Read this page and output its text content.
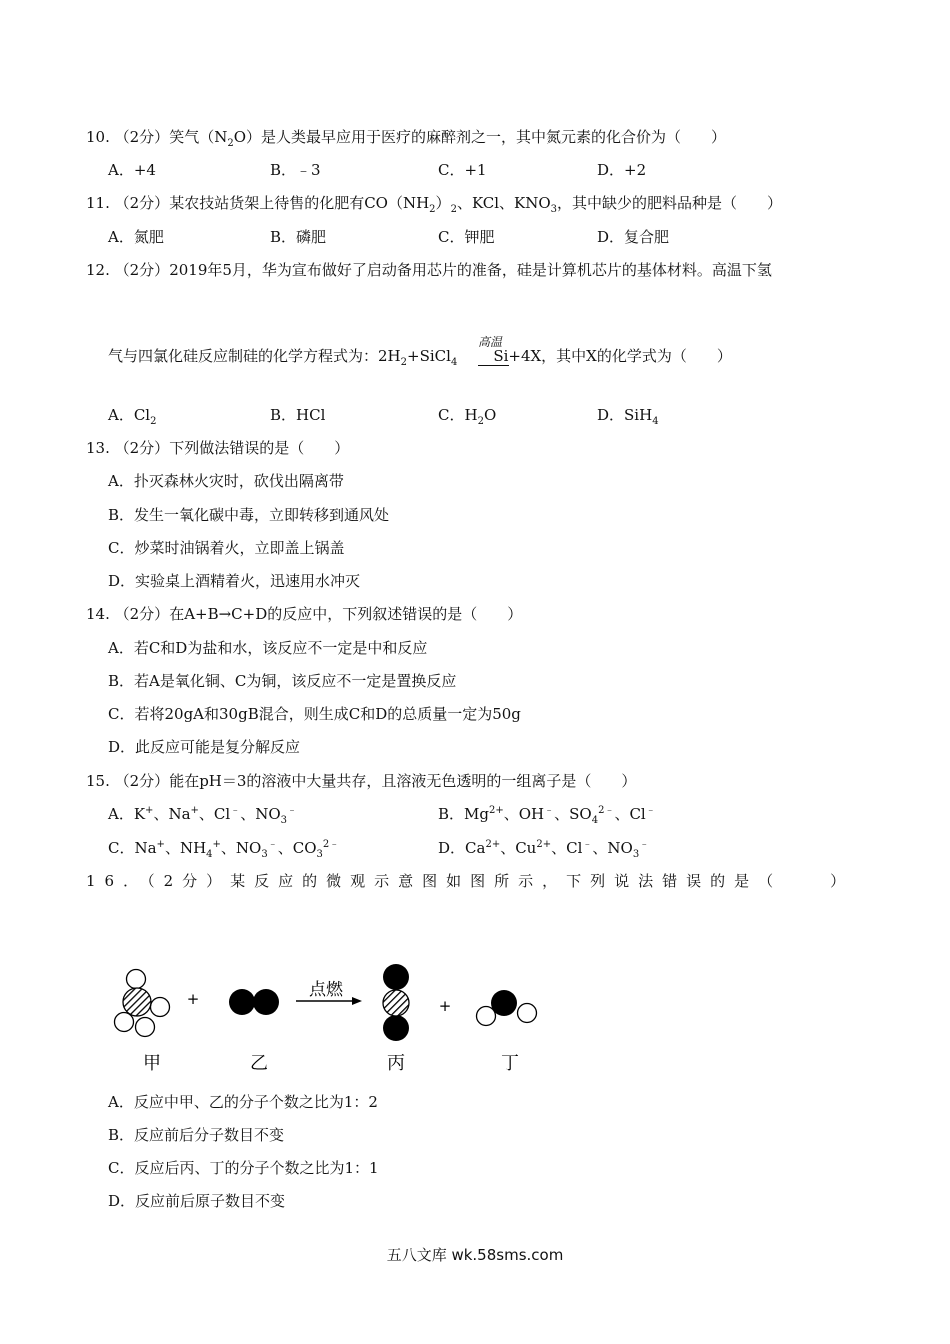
10. （2分）笑气$(N_2O)$是人类最早应用于医疗的麻醉剂之一，其中氮元素的化合价为（　　）
A．+4	B．﹣3	C．+1	D．+2
11. （2分）某农技站货架上待售的化肥有$CO(NH_2)_2$、KCl、$KNO_3$，其中缺少的肥料品种是（　　）
A．氮肥	B．磷肥	C．钾肥	D．复合肥
12. （2分）2019年5月，华为宣布做好了启动备用芯片的准备，硅是计算机芯片的基体材料。高温下氢
高温
气与四氯化硅反应制硅的化学方程式为：$2H_2+SiCl_4$ Si+4X，其中X的化学式为（　　）
A．$Cl_2$	B．HCl	C．$H_2O$	D．SiH$_4$
13. （2分）下列做法错误的是（　　）
A．扑灭森林火灾时，砍伐出隔离带
B．发生一氧化碳中毒，立即转移到通风处
C．炒菜时油锅着火，立即盖上锅盖
D．实验桌上酒精着火，迅速用水冲灭
14. （2分）在A+B→C+D的反应中，下列叙述错误的是（　　）
A．若C和D为盐和水，该反应不一定是中和反应
B．若A是氧化铜、C为铜，该反应不一定是置换反应
C．若将20gA和30gB混合，则生成C和D的总质量一定为50g
D．此反应可能是复分解反应
15. （2分）能在pH＝3的溶液中大量共存，且溶液无色透明的一组离子是（　　）
A．K+、Na+、Cl﹣、$NO_3^﹣$	B．$Mg^{2+}$、OH﹣、$SO_4^{2﹣}$、Cl﹣
C．Na+、$NH_4^+$、$NO_3^﹣$、$CO_3^{2﹣}$	D．$Ca^{2+}$、$Cu^{2+}$、Cl﹣、$NO_3^﹣$
16．（2分）某反应的微观示意图如图所示，下列说法错误的是（　　）
+	点燃
+
甲	乙	丙	丁
A．反应中甲、乙的分子个数之比为1：2
B．反应前后分子数目不变
C．反应后丙、丁的分子个数之比为1：1
D．反应前后原子数目不变
五八文库 wk.58sms.com
